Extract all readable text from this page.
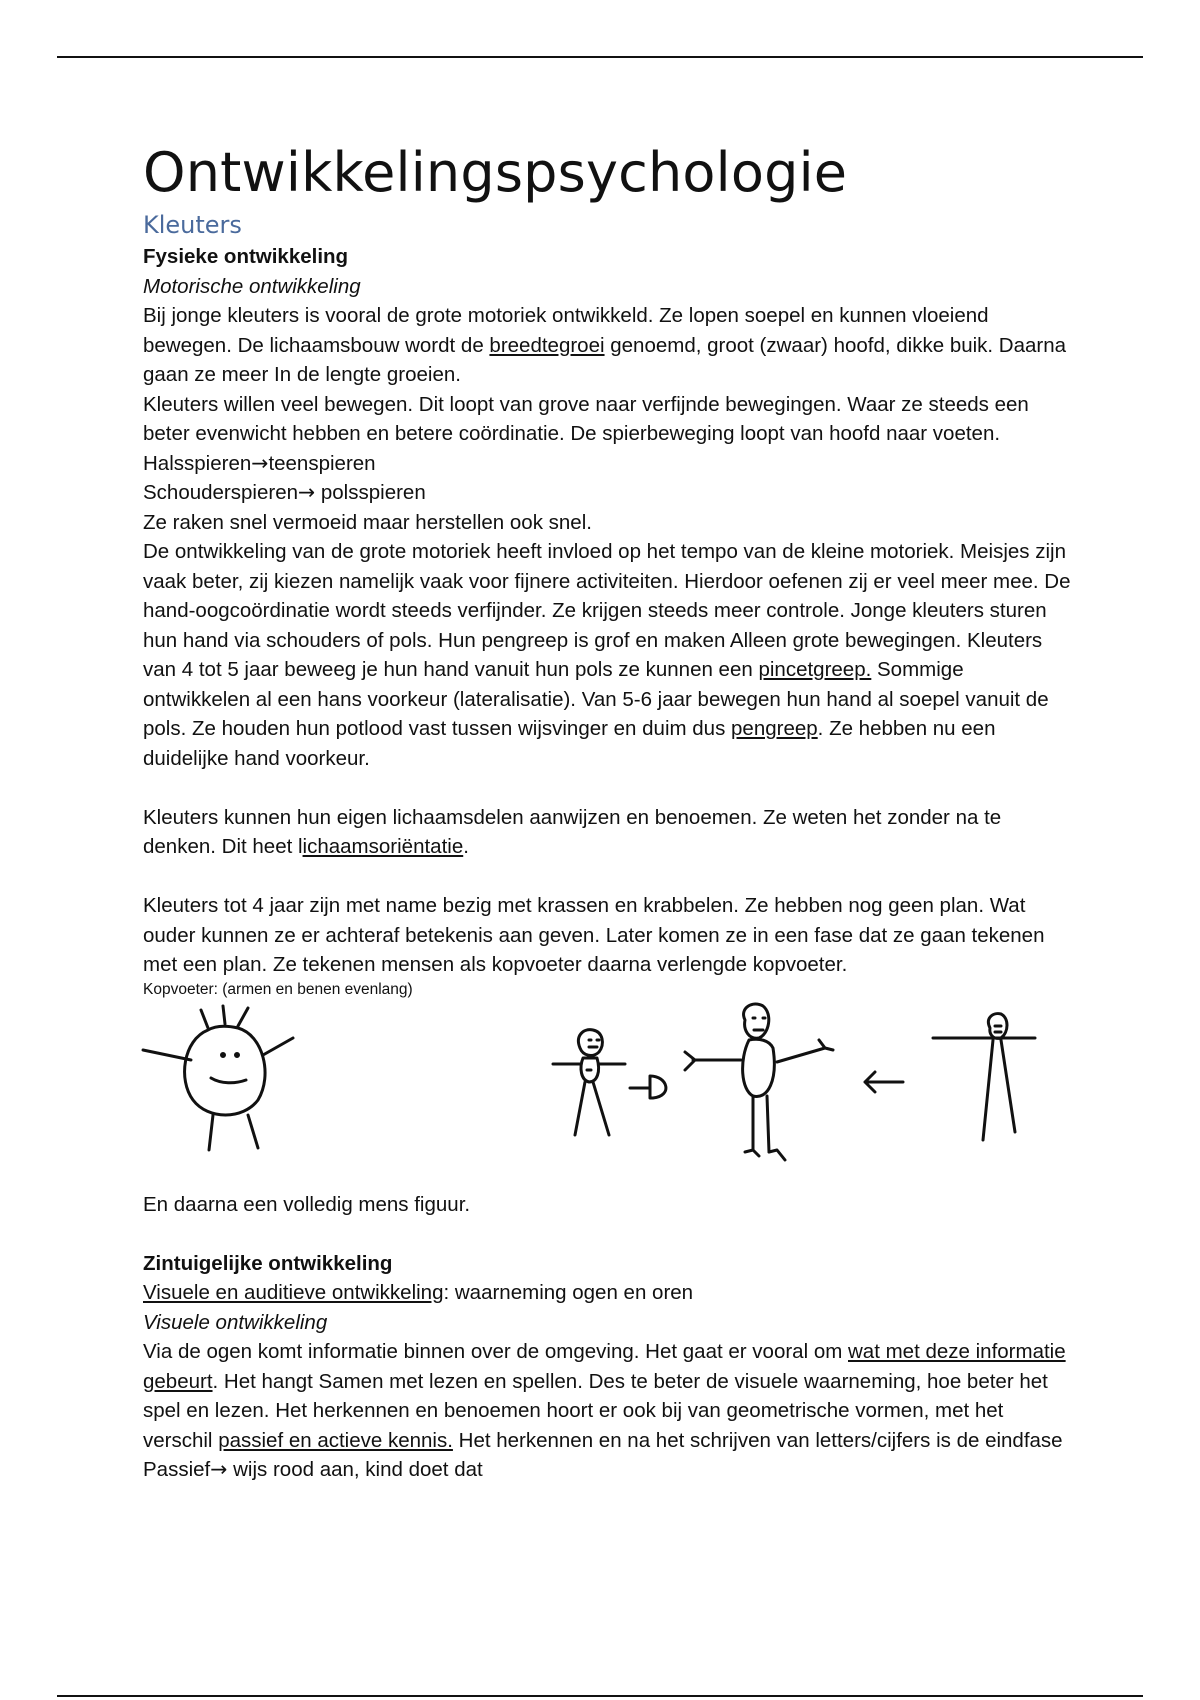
Ontwikkelingspsychologie
Kleuters

Fysieke ontwikkeling

Motorische ontwikkeling

Bij jonge kleuters is vooral de grote motoriek ontwikkeld. Ze lopen soepel en kunnen vloeiend bewegen. De lichaamsbouw wordt de breedtegroei genoemd, groot (zwaar) hoofd, dikke buik. Daarna gaan ze meer In de lengte groeien.

Kleuters willen veel bewegen. Dit loopt van grove naar verfijnde bewegingen. Waar ze steeds een beter evenwicht hebben en betere coördinatie. De spierbeweging loopt van hoofd naar voeten.

Halsspieren→teenspieren

Schouderspieren→ polsspieren

Ze raken snel vermoeid maar herstellen ook snel.

De ontwikkeling van de grote motoriek heeft invloed op het tempo van de kleine motoriek. Meisjes zijn vaak beter, zij kiezen namelijk vaak voor fijnere activiteiten. Hierdoor oefenen zij er veel meer mee. De hand-oogcoördinatie wordt steeds verfijnder. Ze krijgen steeds meer controle. Jonge kleuters sturen hun hand via schouders of pols. Hun pengreep is grof en maken Alleen grote bewegingen. Kleuters van 4 tot 5 jaar beweeg je hun hand vanuit hun pols ze kunnen een pincetgreep. Sommige ontwikkelen al een hans voorkeur (lateralisatie). Van 5-6 jaar bewegen hun hand al soepel vanuit de pols. Ze houden hun potlood vast tussen wijsvinger en duim dus pengreep. Ze hebben nu een duidelijke hand voorkeur.

Kleuters kunnen hun eigen lichaamsdelen aanwijzen en benoemen. Ze weten het zonder na te denken. Dit heet lichaamsoriëntatie.

Kleuters tot 4 jaar zijn met name bezig met krassen en krabbelen. Ze hebben nog geen plan. Wat ouder kunnen ze er achteraf betekenis aan geven. Later komen ze in een fase dat ze gaan tekenen met een plan. Ze tekenen mensen als kopvoeter daarna verlengde kopvoeter.

Kopvoeter: (armen en benen evenlang)

En daarna een volledig mens figuur.

Zintuigelijke ontwikkeling

Visuele en auditieve ontwikkeling: waarneming ogen en oren

Visuele ontwikkeling

Via de ogen komt informatie binnen over de omgeving. Het gaat er vooral om wat met deze informatie gebeurt. Het hangt Samen met lezen en spellen. Des te beter de visuele waarneming, hoe beter het spel en lezen. Het herkennen en benoemen hoort er ook bij van geometrische vormen, met het verschil passief en actieve kennis. Het herkennen en na het schrijven van letters/cijfers is de eindfase

Passief→ wijs rood aan, kind doet dat
